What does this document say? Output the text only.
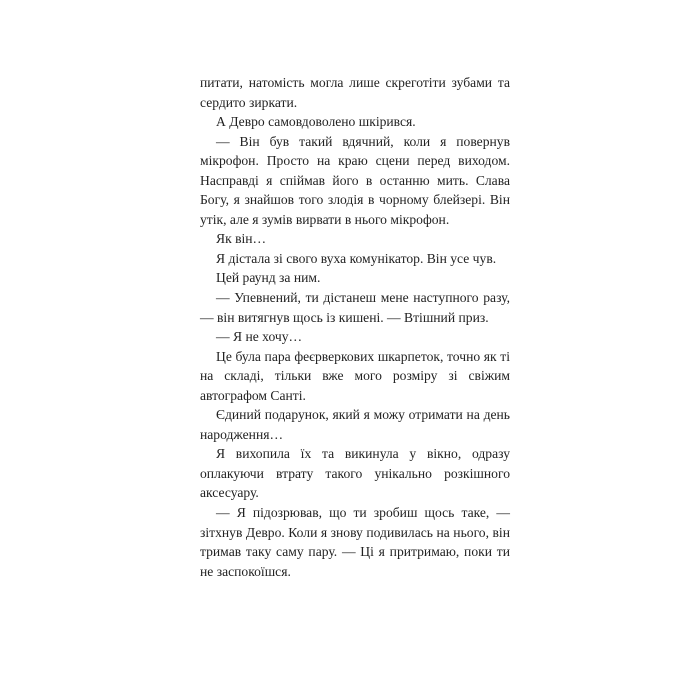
питати, натомість могла лише скреготіти зубами та сердито зиркати.

А Деврo самовдоволено шкірився.

— Він був такий вдячний, коли я повернув мікрофон. Просто на краю сцени перед виходом. Насправді я спіймав його в останню мить. Слава Богу, я знайшов того злодія в чорному блейзері. Він утік, але я зумів вирвати в нього мікрофон.

Як він…

Я дістала зі свого вуха комунікатор. Він усе чув.

Цей раунд за ним.

— Упевнений, ти дістанеш мене наступного разу, — він витягнув щось із кишені. — Втішний приз.

— Я не хочу…

Це була пара феєрверкових шкарпеток, точно як ті на складі, тільки вже мого розміру зі свіжим автографом Санті.

Єдиний подарунок, який я можу отримати на день народження…

Я вихопила їх та викинула у вікно, одразу оплакуючи втрату такого унікально розкішного аксесуару.

— Я підозрював, що ти зробиш щось таке, — зітхнув Деврo. Коли я знову подивилась на нього, він тримав таку саму пару. — Ці я притримаю, поки ти не заспокоїшся.
